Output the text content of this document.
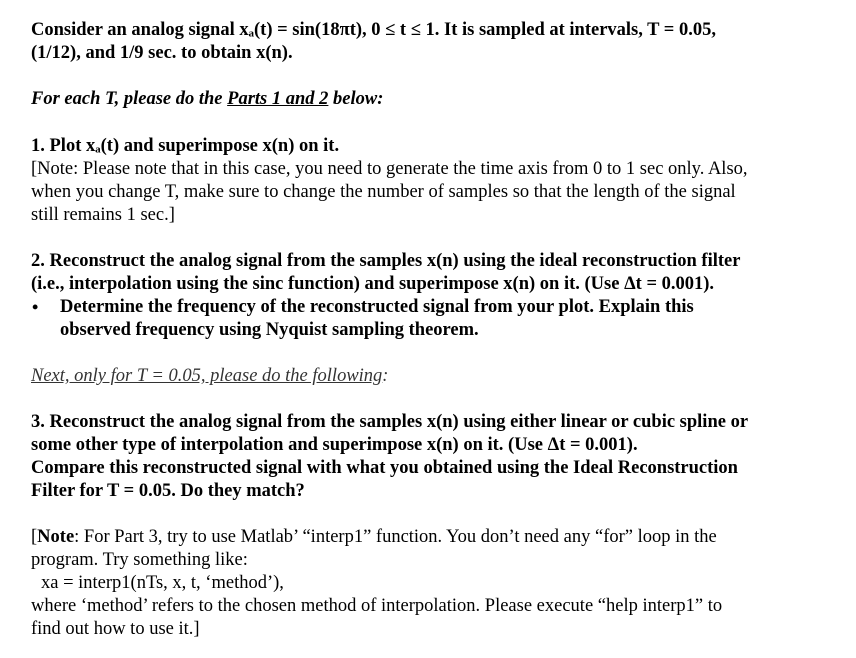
Consider an analog signal xₐ(t) = sin(18πt), 0 ≤ t ≤ 1. It is sampled at intervals, T = 0.05,
(1/12), and 1/9 sec. to obtain x(n).
For each T, please do the Parts 1 and 2 below:
1. Plot xₐ(t) and superimpose x(n) on it.
[Note: Please note that in this case, you need to generate the time axis from 0 to 1 sec only. Also,
when you change T, make sure to change the number of samples so that the length of the signal
still remains 1 sec.]
2. Reconstruct the analog signal from the samples x(n) using the ideal reconstruction filter
(i.e., interpolation using the sinc function) and superimpose x(n) on it. (Use Δt = 0.001).
•	Determine the frequency of the reconstructed signal from your plot. Explain this
observed frequency using Nyquist sampling theorem.
Next, only for T = 0.05, please do the following:
3. Reconstruct the analog signal from the samples x(n) using either linear or cubic spline or
some other type of interpolation and superimpose x(n) on it. (Use Δt = 0.001).
Compare this reconstructed signal with what you obtained using the Ideal Reconstruction
Filter for T = 0.05. Do they match?
[Note: For Part 3, try to use Matlab’ “interp1” function. You don’t need any “for” loop in the
program. Try something like:
xa = interp1(nTs, x, t, ‘method’),
where ‘method’ refers to the chosen method of interpolation. Please execute “help interp1” to
find out how to use it.]
